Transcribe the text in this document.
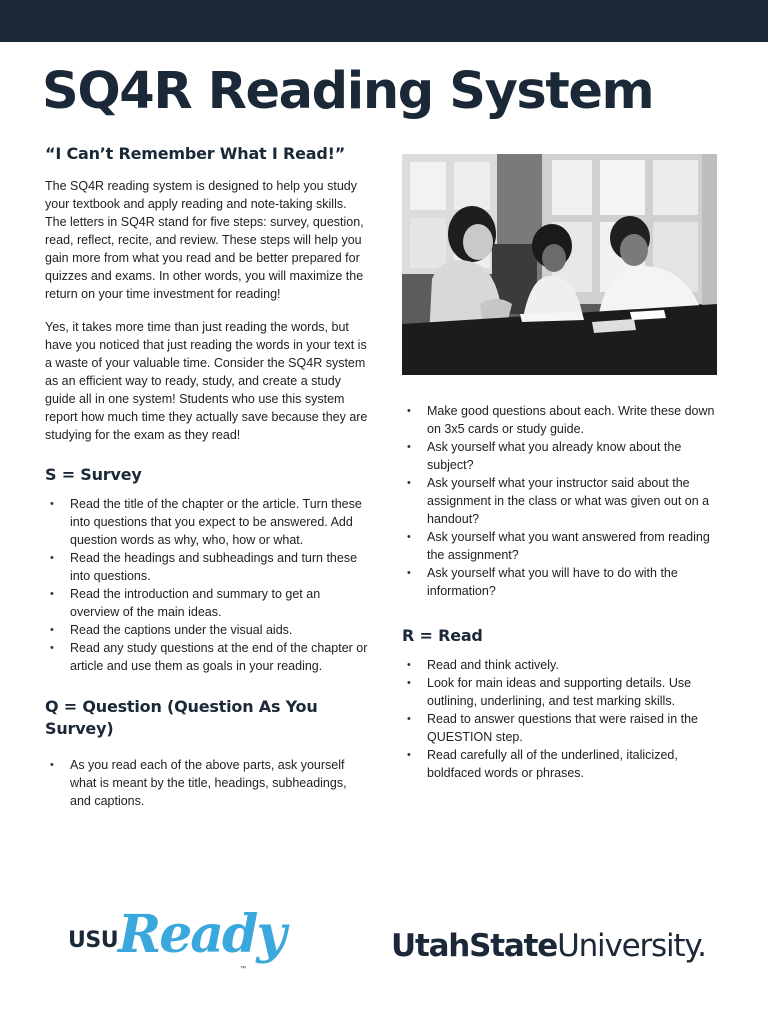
SQ4R Reading System
“I Can’t Remember What I Read!”

The SQ4R reading system is designed to help you study your textbook and apply reading and note-taking skills. The letters in SQ4R stand for five steps: survey, question, read, reflect, recite, and review. These steps will help you gain more from what you read and be better prepared for quizzes and exams. In other words, you will maximize the return on your time investment for reading!

Yes, it takes more time than just reading the words, but have you noticed that just reading the words in your text is a waste of your valuable time. Consider the SQ4R system as an efficient way to ready, study, and create a study guide all in one system! Students who use this system report how much time they actually save because they are studying for the exam as they read!

S = Survey
• Read the title of the chapter or the article. Turn these into questions that you expect to be answered. Add question words as why, who, how or what.
• Read the headings and subheadings and turn these into questions.
• Read the introduction and summary to get an overview of the main ideas.
• Read the captions under the visual aids.
• Read any study questions at the end of the chapter or article and use them as goals in your reading.
Q = Question (Question As You Survey)
• As you read each of the above parts, ask yourself what is meant by the title, headings, subheadings, and captions.
• Make good questions about each. Write these down on 3x5 cards or study guide.
• Ask yourself what you already know about the subject?
• Ask yourself what your instructor said about the assignment in the class or what was given out on a handout?
• Ask yourself what you want answered from reading the assignment?
• Ask yourself what you will have to do with the information?
R = Read
• Read and think actively.
• Look for main ideas and supporting details. Use outlining, underlining, and test marking skills.
• Read to answer questions that were raised in the QUESTION step.
• Read carefully all of the underlined, italicized, boldfaced words or phrases.
USU Ready
™
UtahStateUniversity.
